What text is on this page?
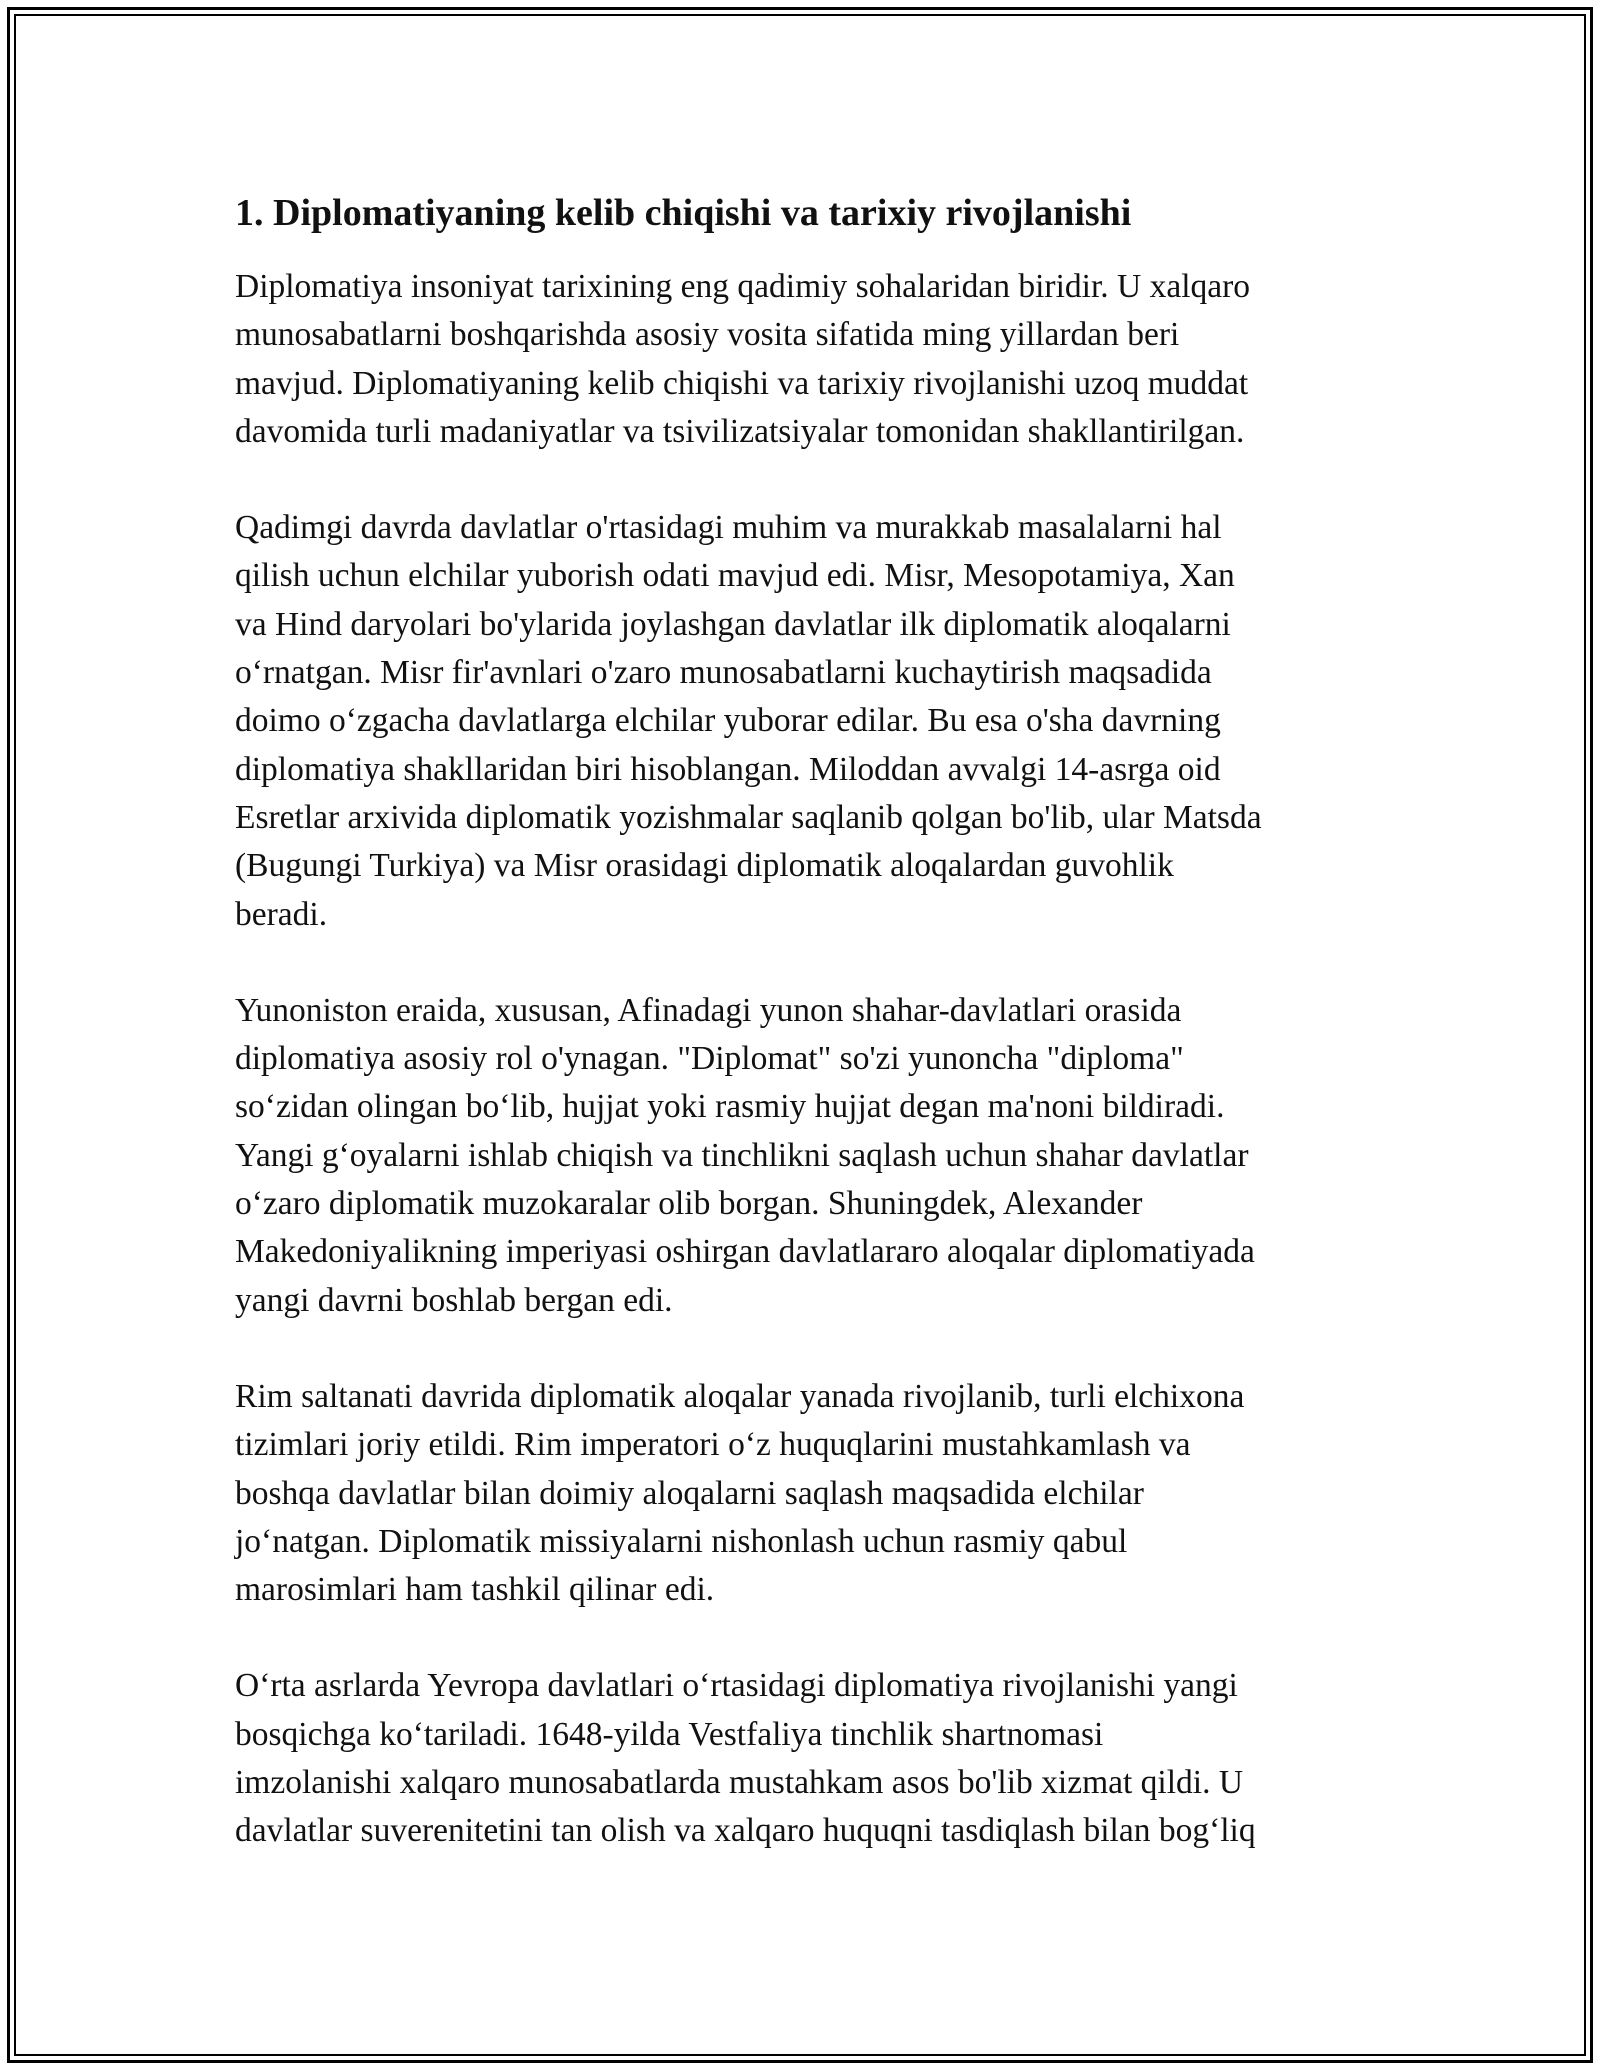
1. Diplomatiyaning kelib chiqishi va tarixiy rivojlanishi

Diplomatiya insoniyat tarixining eng qadimiy sohalaridan biridir. U xalqaro
munosabatlarni boshqarishda asosiy vosita sifatida ming yillardan beri
mavjud. Diplomatiyaning kelib chiqishi va tarixiy rivojlanishi uzoq muddat
davomida turli madaniyatlar va tsivilizatsiyalar tomonidan shakllantirilgan.

Qadimgi davrda davlatlar o'rtasidagi muhim va murakkab masalalarni hal
qilish uchun elchilar yuborish odati mavjud edi. Misr, Mesopotamiya, Xan
va Hind daryolari bo'ylarida joylashgan davlatlar ilk diplomatik aloqalarni
o‘rnatgan. Misr fir'avnlari o'zaro munosabatlarni kuchaytirish maqsadida
doimo o‘zgacha davlatlarga elchilar yuborar edilar. Bu esa o'sha davrning
diplomatiya shakllaridan biri hisoblangan. Miloddan avvalgi 14-asrga oid
Esretlar arxivida diplomatik yozishmalar saqlanib qolgan bo'lib, ular Matsda
(Bugungi Turkiya) va Misr orasidagi diplomatik aloqalardan guvohlik
beradi.

Yunoniston eraida, xususan, Afinadagi yunon shahar-davlatlari orasida
diplomatiya asosiy rol o'ynagan. "Diplomat" so'zi yunoncha "diploma"
so‘zidan olingan bo‘lib, hujjat yoki rasmiy hujjat degan ma'noni bildiradi.
Yangi g‘oyalarni ishlab chiqish va tinchlikni saqlash uchun shahar davlatlar
o‘zaro diplomatik muzokaralar olib borgan. Shuningdek, Alexander
Makedoniyalikning imperiyasi oshirgan davlatlararo aloqalar diplomatiyada
yangi davrni boshlab bergan edi.

Rim saltanati davrida diplomatik aloqalar yanada rivojlanib, turli elchixona
tizimlari joriy etildi. Rim imperatori o‘z huquqlarini mustahkamlash va
boshqa davlatlar bilan doimiy aloqalarni saqlash maqsadida elchilar
jo‘natgan. Diplomatik missiyalarni nishonlash uchun rasmiy qabul
marosimlari ham tashkil qilinar edi.

O‘rta asrlarda Yevropa davlatlari o‘rtasidagi diplomatiya rivojlanishi yangi
bosqichga ko‘tariladi. 1648-yilda Vestfaliya tinchlik shartnomasi
imzolanishi xalqaro munosabatlarda mustahkam asos bo'lib xizmat qildi. U
davlatlar suverenitetini tan olish va xalqaro huquqni tasdiqlash bilan bog‘liq
